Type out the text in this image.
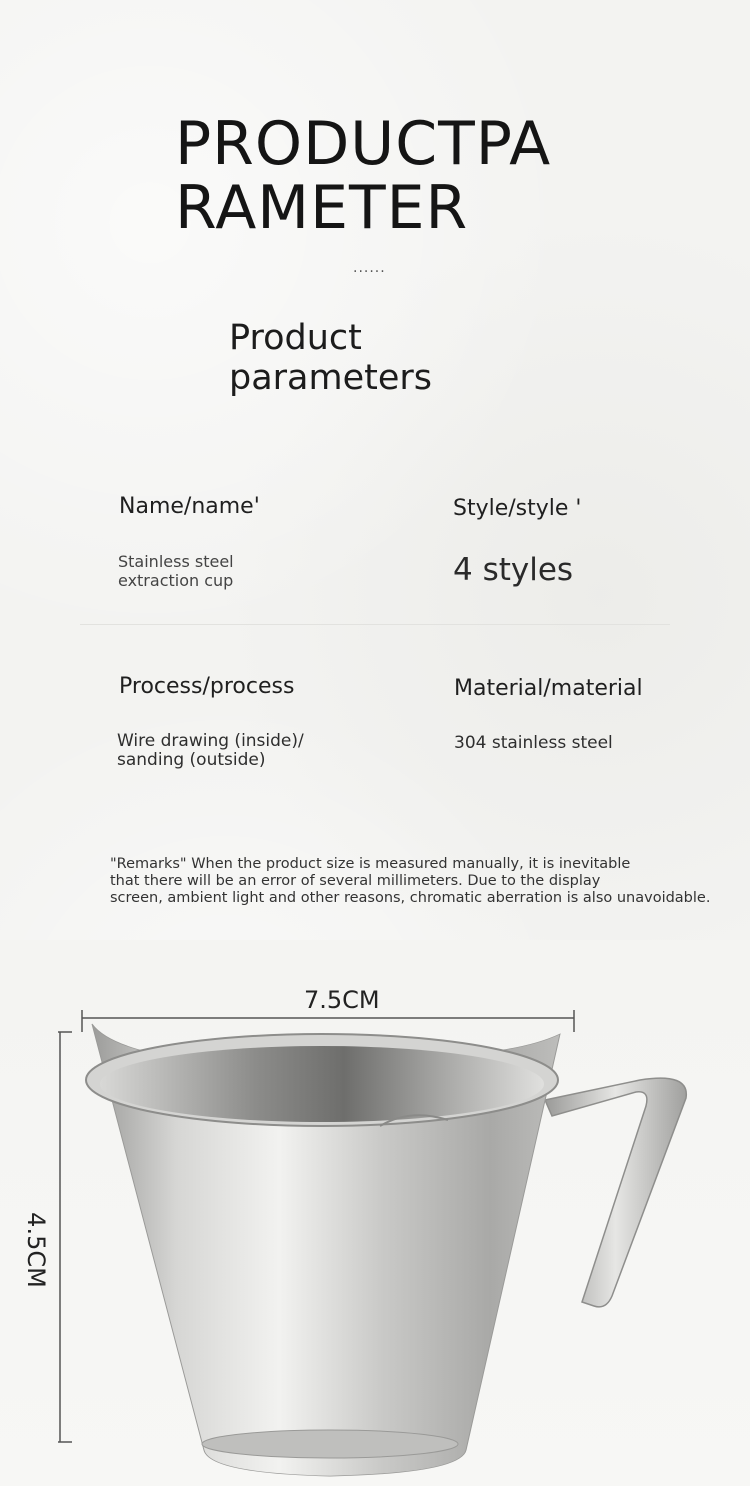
PRODUCTPA
RAMETER
......
Product
parameters
Name/name'
Stainless steel
extraction cup
Style/style '
4 styles
Process/process
Wire drawing (inside)/
sanding (outside)
Material/material
304 stainless steel
"Remarks" When the product size is measured manually, it is inevitable
that there will be an error of several millimeters. Due to the display
screen, ambient light and other reasons, chromatic aberration is also unavoidable.
7.5CM
4.5CM
